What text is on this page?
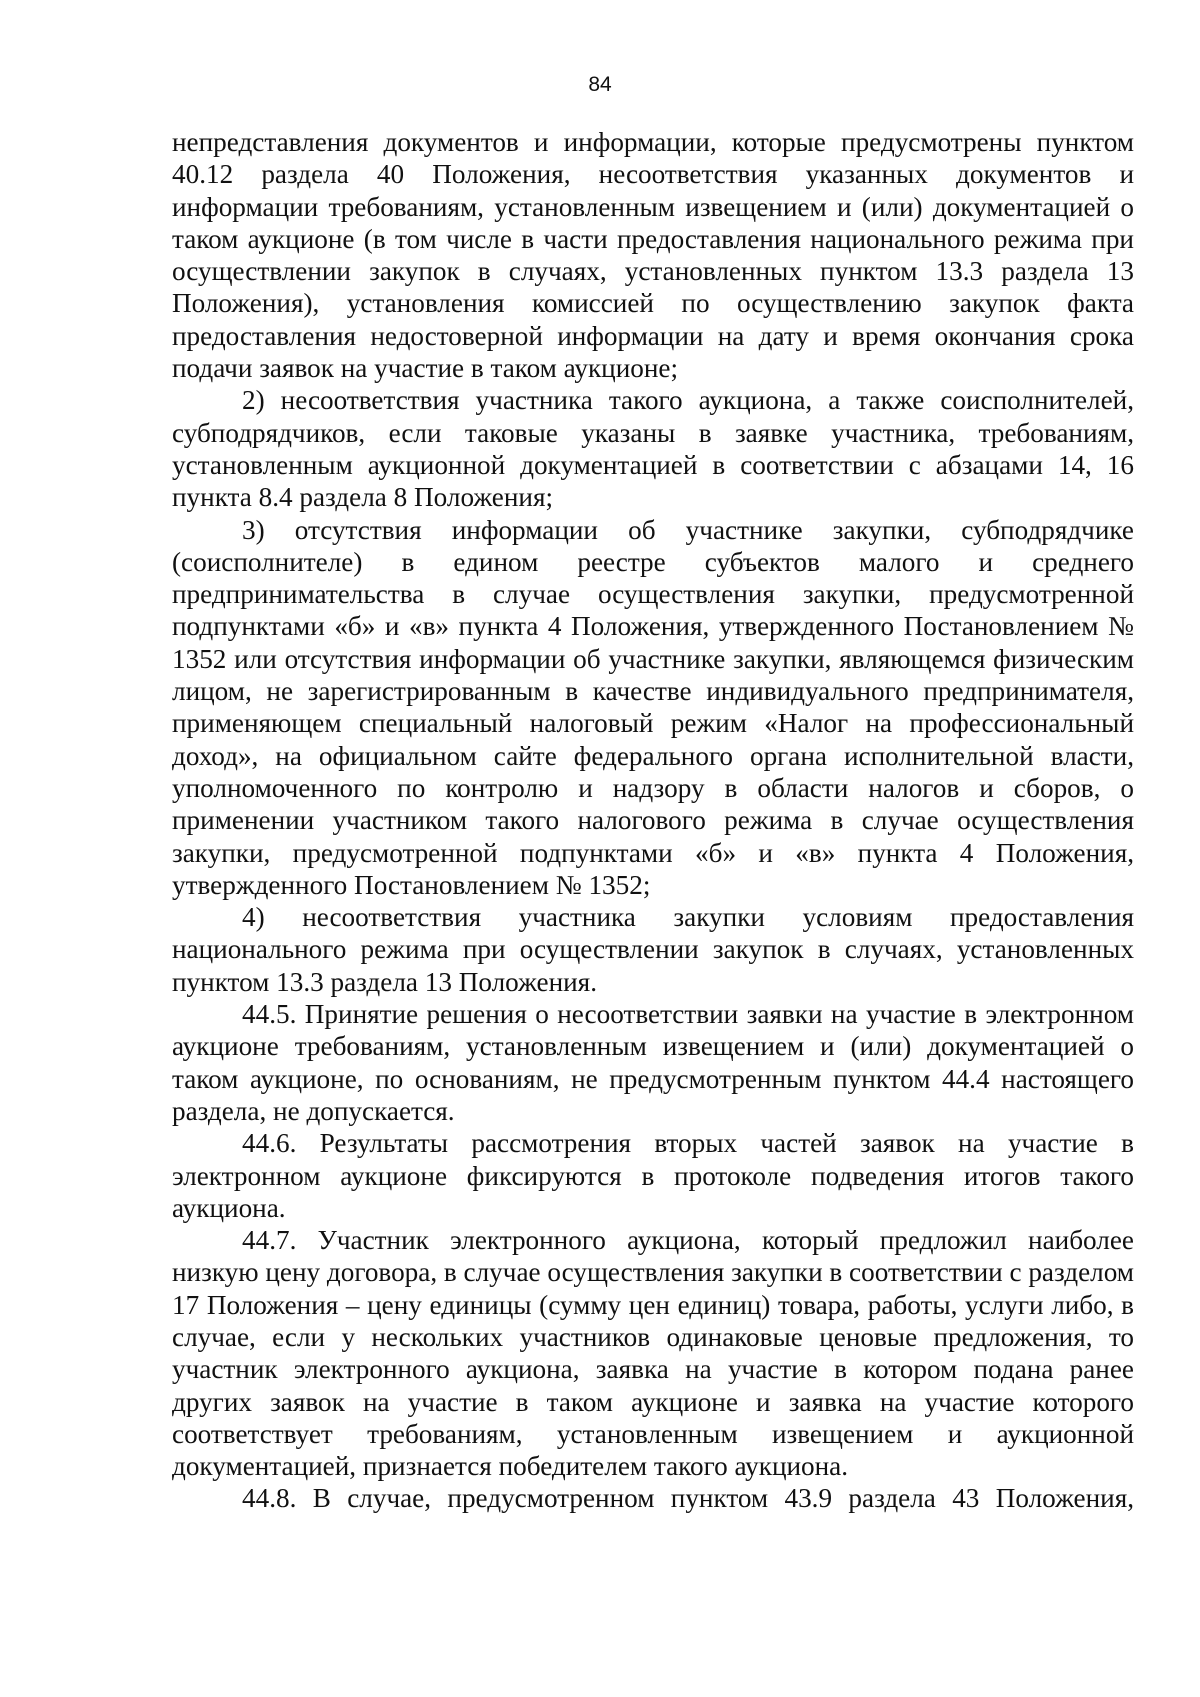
84

непредставления документов и информации, которые предусмотрены пунктом 40.12 раздела 40 Положения, несоответствия указанных документов и информации требованиям, установленным извещением и (или) документацией о таком аукционе (в том числе в части предоставления национального режима при осуществлении закупок в случаях, установленных пунктом 13.3 раздела 13 Положения), установления комиссией по осуществлению закупок факта предоставления недостоверной информации на дату и время окончания срока подачи заявок на участие в таком аукционе;

2) несоответствия участника такого аукциона, а также соисполнителей, субподрядчиков, если таковые указаны в заявке участника, требованиям, установленным аукционной документацией в соответствии с абзацами 14, 16 пункта 8.4 раздела 8 Положения;

3) отсутствия информации об участнике закупки, субподрядчике (соисполнителе) в едином реестре субъектов малого и среднего предпринимательства в случае осуществления закупки, предусмотренной подпунктами «б» и «в» пункта 4 Положения, утвержденного Постановлением № 1352 или отсутствия информации об участнике закупки, являющемся физическим лицом, не зарегистрированным в качестве индивидуального предпринимателя, применяющем специальный налоговый режим «Налог на профессиональный доход», на официальном сайте федерального органа исполнительной власти, уполномоченного по контролю и надзору в области налогов и сборов, о применении участником такого налогового режима в случае осуществления закупки, предусмотренной подпунктами «б» и «в» пункта 4 Положения, утвержденного Постановлением № 1352;

4) несоответствия участника закупки условиям предоставления национального режима при осуществлении закупок в случаях, установленных пунктом 13.3 раздела 13 Положения.

44.5. Принятие решения о несоответствии заявки на участие в электронном аукционе требованиям, установленным извещением и (или) документацией о таком аукционе, по основаниям, не предусмотренным пунктом 44.4 настоящего раздела, не допускается.

44.6. Результаты рассмотрения вторых частей заявок на участие в электронном аукционе фиксируются в протоколе подведения итогов такого аукциона.

44.7. Участник электронного аукциона, который предложил наиболее низкую цену договора, в случае осуществления закупки в соответствии с разделом 17 Положения – цену единицы (сумму цен единиц) товара, работы, услуги либо, в случае, если у нескольких участников одинаковые ценовые предложения, то участник электронного аукциона, заявка на участие в котором подана ранее других заявок на участие в таком аукционе и заявка на участие которого соответствует требованиям, установленным извещением и аукционной документацией, признается победителем такого аукциона.

44.8. В случае, предусмотренном пунктом 43.9 раздела 43 Положения,
